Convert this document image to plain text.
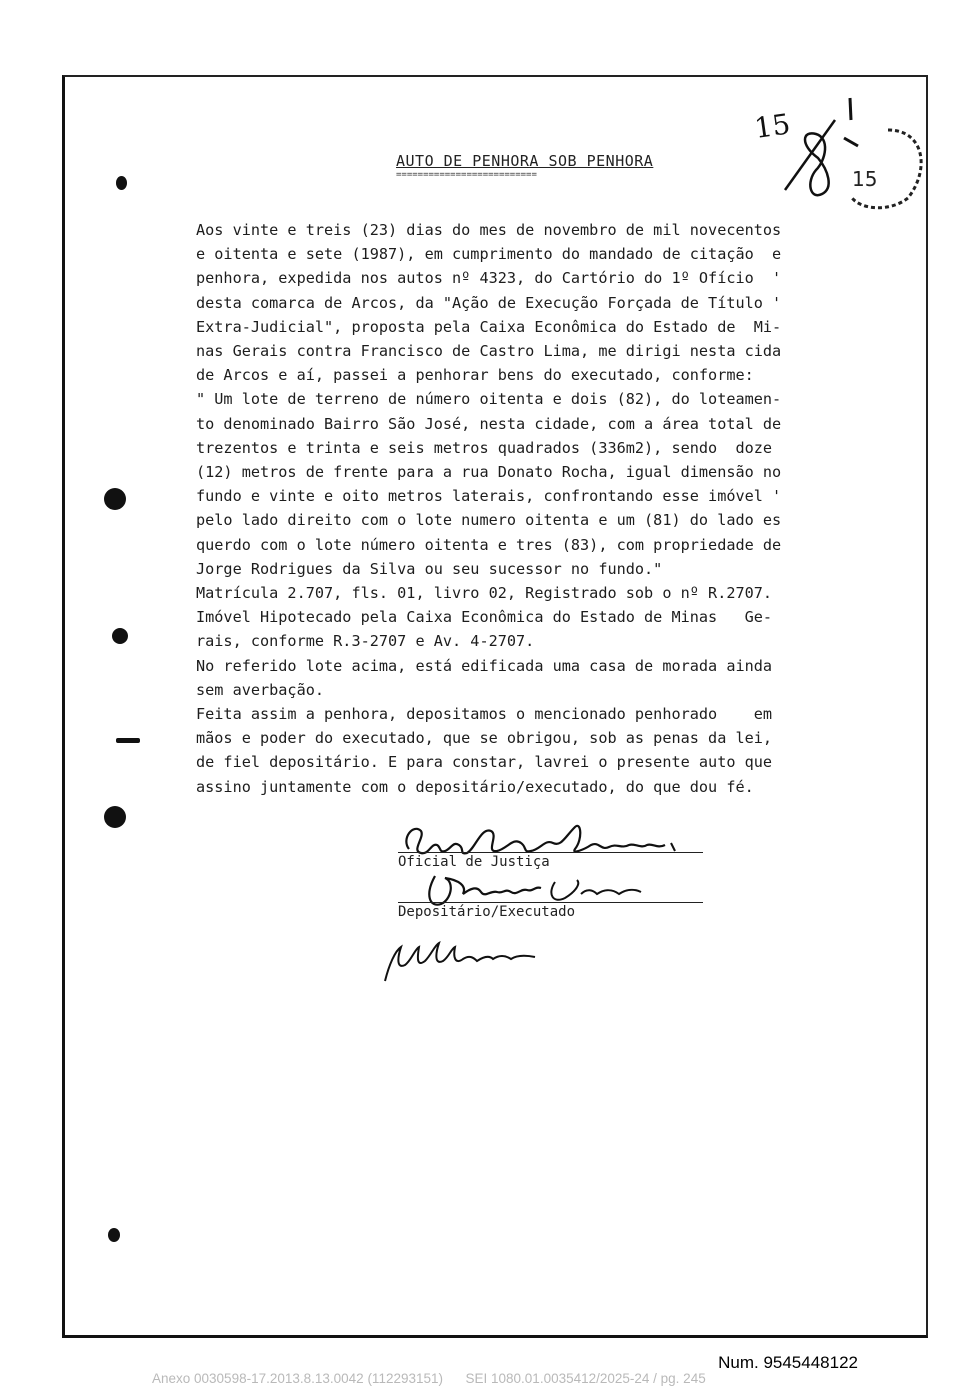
15
15
AUTO DE PENHORA SOB PENHORA
==========================
Aos vinte e treis (23) dias do mes de novembro de mil novecentos
e oitenta e sete (1987), em cumprimento do mandado de citação  e
penhora, expedida nos autos nº 4323, do Cartório do 1º Ofício  '
desta comarca de Arcos, da "Ação de Execução Forçada de Título '
Extra-Judicial", proposta pela Caixa Econômica do Estado de  Mi-
nas Gerais contra Francisco de Castro Lima, me dirigi nesta cida
de Arcos e aí, passei a penhorar bens do executado, conforme:
" Um lote de terreno de número oitenta e dois (82), do loteamen-
to denominado Bairro São José, nesta cidade, com a área total de
trezentos e trinta e seis metros quadrados (336m2), sendo  doze
(12) metros de frente para a rua Donato Rocha, igual dimensão no
fundo e vinte e oito metros laterais, confrontando esse imóvel '
pelo lado direito com o lote numero oitenta e um (81) do lado es
querdo com o lote número oitenta e tres (83), com propriedade de
Jorge Rodrigues da Silva ou seu sucessor no fundo."
Matrícula 2.707, fls. 01, livro 02, Registrado sob o nº R.2707.
Imóvel Hipotecado pela Caixa Econômica do Estado de Minas   Ge-
rais, conforme R.3-2707 e Av. 4-2707.
No referido lote acima, está edificada uma casa de morada ainda
sem averbação.
Feita assim a penhora, depositamos o mencionado penhorado    em
mãos e poder do executado, que se obrigou, sob as penas da lei,
de fiel depositário. E para constar, lavrei o presente auto que
assino juntamente com o depositário/executado, do que dou fé.
Oficial de Justiça
Depositário/Executado
Num. 9545448122
Anexo 0030598-17.2013.8.13.0042 (112293151)      SEI 1080.01.0035412/2025-24 / pg. 245
